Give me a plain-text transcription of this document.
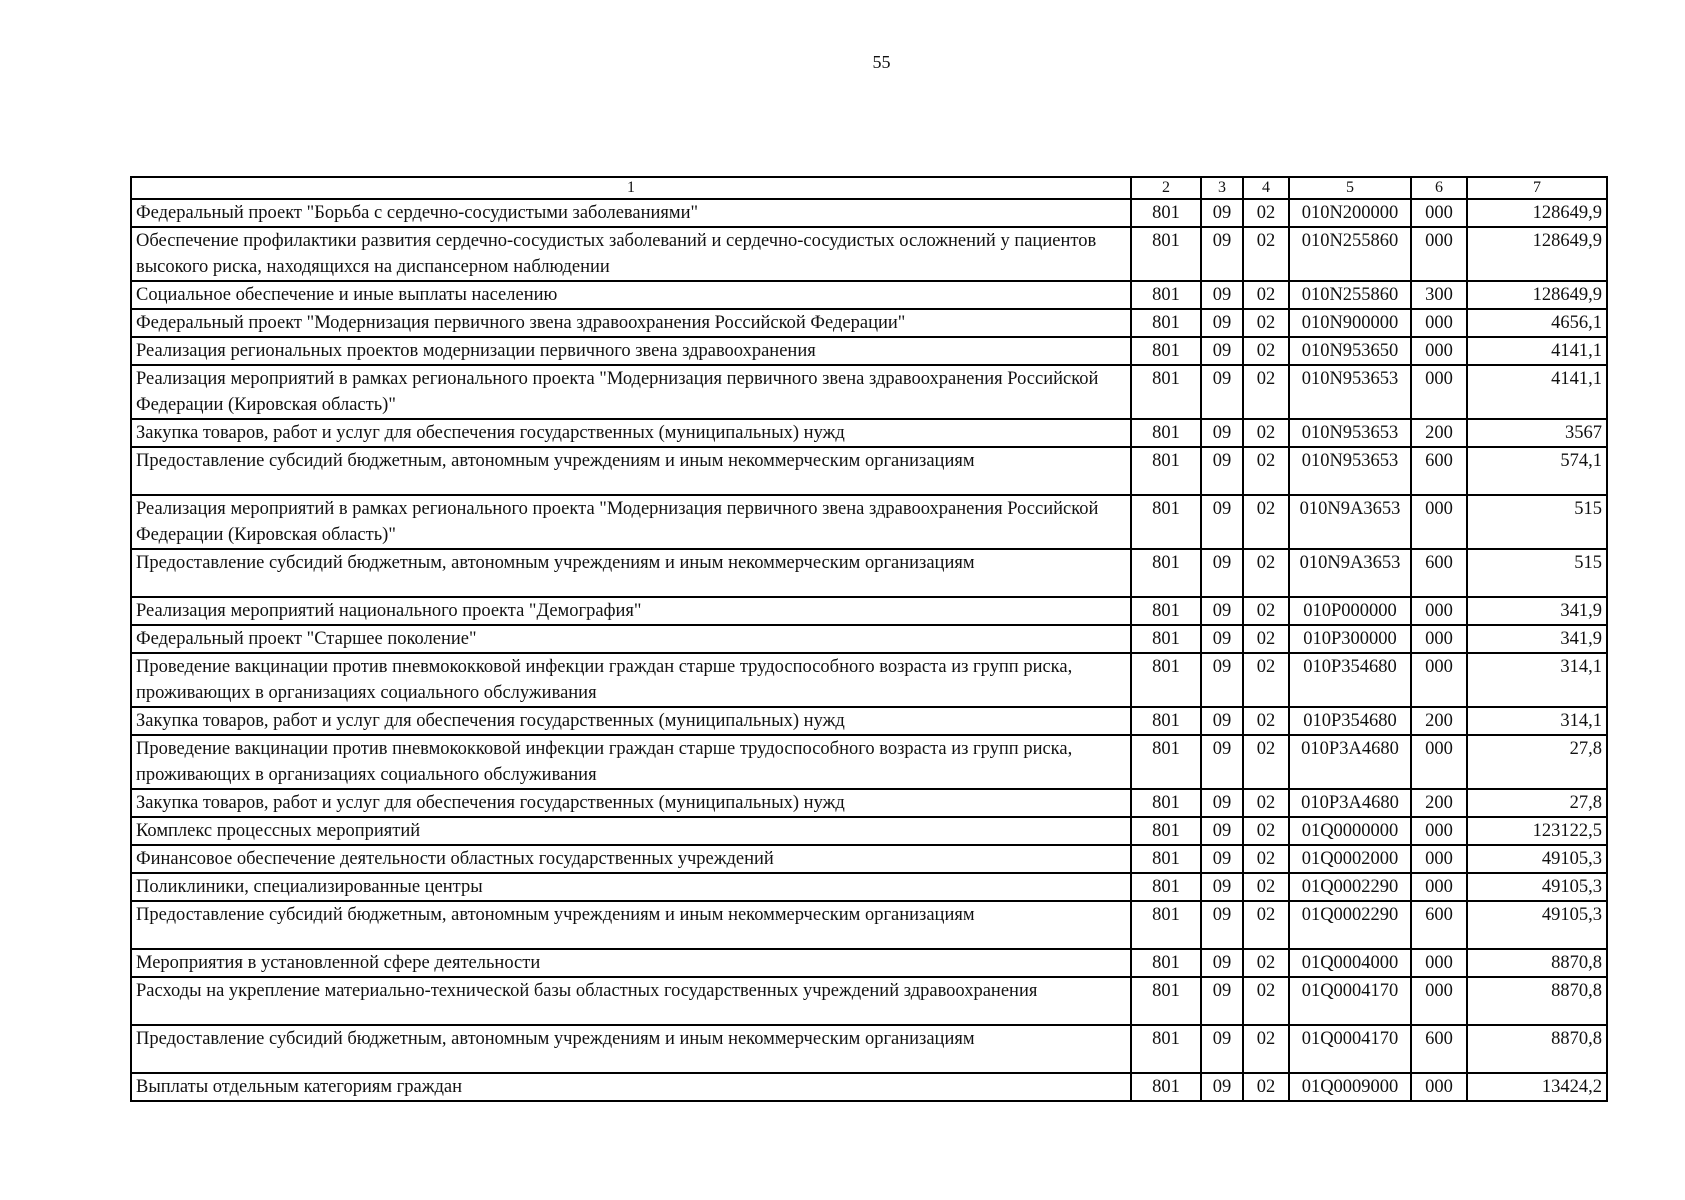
55
1	2	3	4	5	6	7
Федеральный проект "Борьба с сердечно-сосудистыми заболеваниями"	801	09	02	010N200000	000	128649,9
Обеспечение профилактики развития сердечно-сосудистых заболеваний и сердечно-сосудистых осложнений у пациентов высокого риска, находящихся на диспансерном наблюдении	801	09	02	010N255860	000	128649,9
Социальное обеспечение и иные выплаты населению	801	09	02	010N255860	300	128649,9
Федеральный проект "Модернизация первичного звена здравоохранения Российской Федерации"	801	09	02	010N900000	000	4656,1
Реализация региональных проектов модернизации первичного звена здравоохранения	801	09	02	010N953650	000	4141,1
Реализация мероприятий в рамках регионального проекта "Модернизация первичного звена здравоохранения Российской Федерации (Кировская область)"	801	09	02	010N953653	000	4141,1
Закупка товаров, работ и услуг для обеспечения государственных (муниципальных) нужд	801	09	02	010N953653	200	3567
Предоставление субсидий бюджетным, автономным учреждениям и иным некоммерческим организациям	801	09	02	010N953653	600	574,1
Реализация мероприятий в рамках регионального проекта "Модернизация первичного звена здравоохранения Российской Федерации (Кировская область)"	801	09	02	010N9A3653	000	515
Предоставление субсидий бюджетным, автономным учреждениям и иным некоммерческим организациям	801	09	02	010N9A3653	600	515
Реализация мероприятий национального проекта "Демография"	801	09	02	010P000000	000	341,9
Федеральный проект "Старшее поколение"	801	09	02	010P300000	000	341,9
Проведение вакцинации против пневмококковой инфекции граждан старше трудоспособного возраста из групп риска, проживающих в организациях социального обслуживания	801	09	02	010P354680	000	314,1
Закупка товаров, работ и услуг для обеспечения государственных (муниципальных) нужд	801	09	02	010P354680	200	314,1
Проведение вакцинации против пневмококковой инфекции граждан старше трудоспособного возраста из групп риска, проживающих в организациях социального обслуживания	801	09	02	010P3A4680	000	27,8
Закупка товаров, работ и услуг для обеспечения государственных (муниципальных) нужд	801	09	02	010P3A4680	200	27,8
Комплекс процессных мероприятий	801	09	02	01Q0000000	000	123122,5
Финансовое обеспечение деятельности областных государственных учреждений	801	09	02	01Q0002000	000	49105,3
Поликлиники, специализированные центры	801	09	02	01Q0002290	000	49105,3
Предоставление субсидий бюджетным, автономным учреждениям и иным некоммерческим организациям	801	09	02	01Q0002290	600	49105,3
Мероприятия в установленной сфере деятельности	801	09	02	01Q0004000	000	8870,8
Расходы на укрепление материально-технической базы областных государственных учреждений здравоохранения	801	09	02	01Q0004170	000	8870,8
Предоставление субсидий бюджетным, автономным учреждениям и иным некоммерческим организациям	801	09	02	01Q0004170	600	8870,8
Выплаты отдельным категориям граждан	801	09	02	01Q0009000	000	13424,2
